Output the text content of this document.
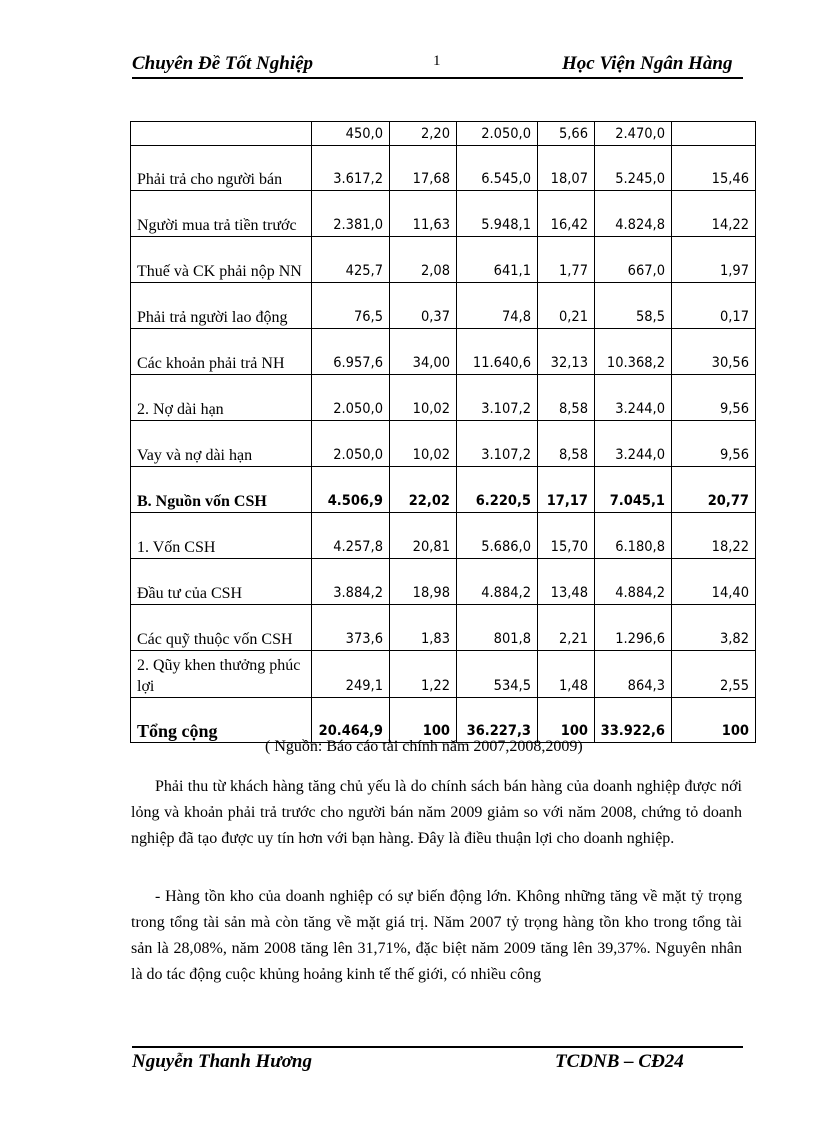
Chuyên Đề Tốt Nghiệp	1	Học Viện Ngân Hàng
	450,0	2,20	2.050,0	5,66	2.470,0	
Phải trả cho người bán	3.617,2	17,68	6.545,0	18,07	5.245,0	15,46
Người mua trả tiền trước	2.381,0	11,63	5.948,1	16,42	4.824,8	14,22
Thuế và CK phải nộp NN	425,7	2,08	641,1	1,77	667,0	1,97
Phải trả người lao động	76,5	0,37	74,8	0,21	58,5	0,17
Các khoản phải trả NH	6.957,6	34,00	11.640,6	32,13	10.368,2	30,56
2. Nợ dài hạn	2.050,0	10,02	3.107,2	8,58	3.244,0	9,56
Vay và nợ dài hạn	2.050,0	10,02	3.107,2	8,58	3.244,0	9,56
B. Nguồn vốn CSH	4.506,9	22,02	6.220,5	17,17	7.045,1	20,77
1. Vốn CSH	4.257,8	20,81	5.686,0	15,70	6.180,8	18,22
Đầu tư của CSH	3.884,2	18,98	4.884,2	13,48	4.884,2	14,40
Các quỹ thuộc vốn CSH	373,6	1,83	801,8	2,21	1.296,6	3,82
2. Qũy khen thưởng phúc lợi	249,1	1,22	534,5	1,48	864,3	2,55
Tổng cộng	20.464,9	100	36.227,3	100	33.922,6	100
( Nguồn: Báo cáo tài chính năm 2007,2008,2009)

Phải thu từ khách hàng tăng chủ yếu là do chính sách bán hàng của doanh nghiệp được nới lỏng và khoản phải trả trước cho người bán năm 2009 giảm so với năm 2008, chứng tỏ doanh nghiệp đã tạo được uy tín hơn với bạn hàng. Đây là điều thuận lợi cho doanh nghiệp.

- Hàng tồn kho của doanh nghiệp có sự biến động lớn. Không những tăng về mặt tỷ trọng trong tổng tài sản mà còn tăng về mặt giá trị. Năm 2007 tỷ trọng hàng tồn kho trong tổng tài sản là 28,08%, năm 2008 tăng lên 31,71%, đặc biệt năm 2009 tăng lên 39,37%. Nguyên nhân là do tác động cuộc khủng hoảng kinh tế thế giới, có nhiều công

Nguyễn Thanh Hương	TCDNB – CĐ24
